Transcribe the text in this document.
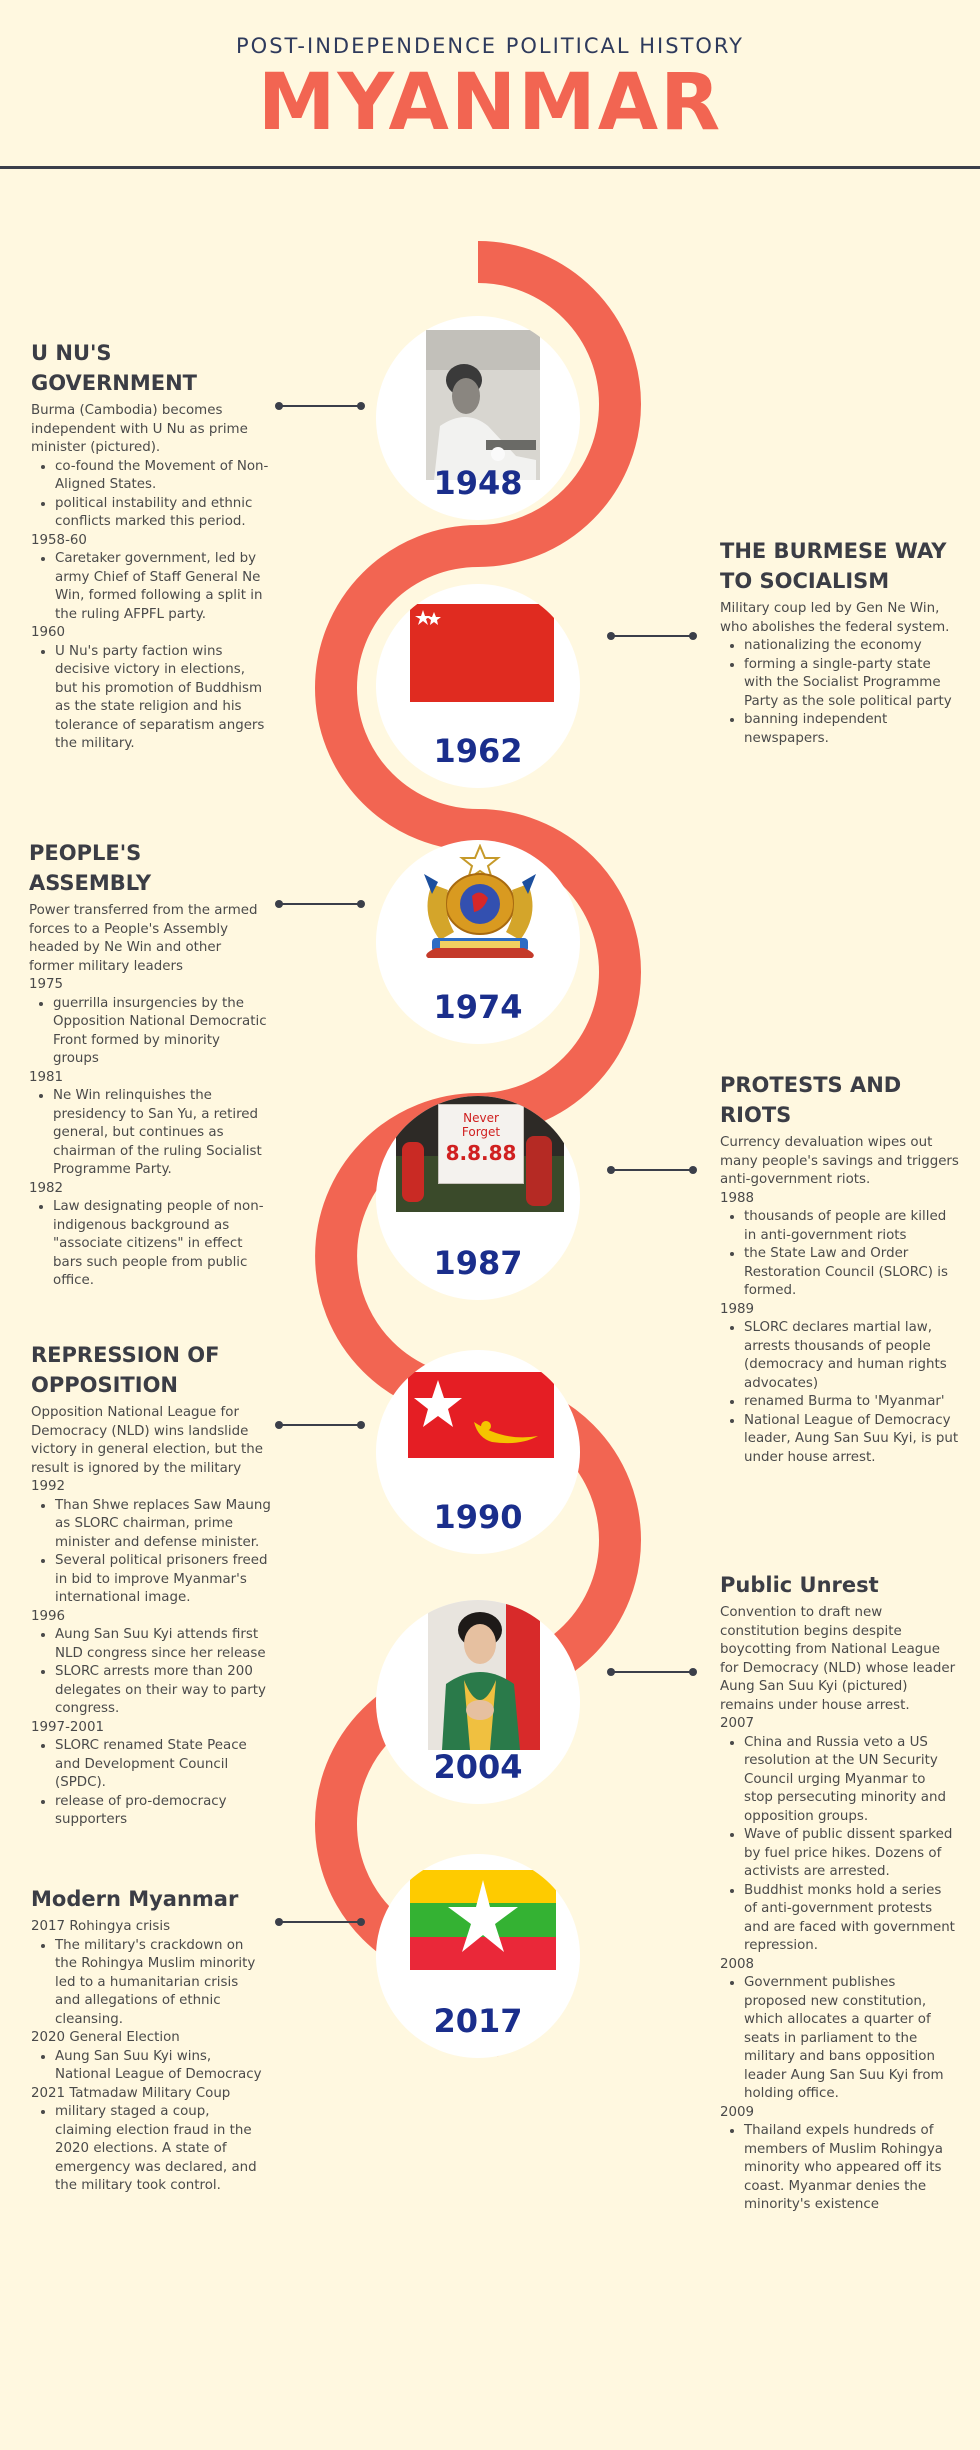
POST-INDEPENDENCE POLITICAL HISTORY
MYANMAR
1948
1962
1974
Never
Forget
8.8.88
1987
1990
2004
2017
U NU'S GOVERNMENT

Burma (Cambodia) becomes independent with U Nu as prime minister (pictured).

• co-found the Movement of Non-Aligned States.
• political instability and ethnic conflicts marked this period.

1958-60

• Caretaker government, led by army Chief of Staff General Ne Win, formed following a split in the ruling AFPFL party.

1960

• U Nu's party faction wins decisive victory in elections, but his promotion of Buddhism as the state religion and his tolerance of separatism angers the military.
THE BURMESE WAY TO SOCIALISM

Military coup led by Gen Ne Win, who abolishes the federal system.

• nationalizing the economy
• forming a single-party state with the Socialist Programme Party as the sole political party
• banning independent newspapers.
PEOPLE'S ASSEMBLY

Power transferred from the armed forces to a People's Assembly headed by Ne Win and other former military leaders

1975

• guerrilla insurgencies by the Opposition National Democratic Front formed by minority groups

1981

• Ne Win relinquishes the presidency to San Yu, a retired general, but continues as chairman of the ruling Socialist Programme Party.

1982

• Law designating people of non-indigenous background as "associate citizens" in effect bars such people from public office.
PROTESTS AND RIOTS

Currency devaluation wipes out many people's savings and triggers anti-government riots.

1988

• thousands of people are killed in anti-government riots
• the State Law and Order Restoration Council (SLORC) is formed.

1989

• SLORC declares martial law, arrests thousands of people (democracy and human rights advocates)
• renamed Burma to 'Myanmar'
• National League of Democracy leader, Aung San Suu Kyi, is put under house arrest.
REPRESSION OF OPPOSITION

Opposition National League for Democracy (NLD) wins landslide victory in general election, but the result is ignored by the military

1992

• Than Shwe replaces Saw Maung as SLORC chairman, prime minister and defense minister.
• Several political prisoners freed in bid to improve Myanmar's international image.

1996

• Aung San Suu Kyi attends first NLD congress since her release
• SLORC arrests more than 200 delegates on their way to party congress.

1997-2001

• SLORC renamed State Peace and Development Council (SPDC).
• release of pro-democracy supporters
Public Unrest

Convention to draft new constitution begins despite boycotting from National League for Democracy (NLD) whose leader Aung San Suu Kyi (pictured) remains under house arrest.

2007

• China and Russia veto a US resolution at the UN Security Council urging Myanmar to stop persecuting minority and opposition groups.
• Wave of public dissent sparked by fuel price hikes. Dozens of activists are arrested.
• Buddhist monks hold a series of anti-government protests and are faced with government repression.

2008

• Government publishes proposed new constitution, which allocates a quarter of seats in parliament to the military and bans opposition leader Aung San Suu Kyi from holding office.

2009

• Thailand expels hundreds of members of Muslim Rohingya minority who appeared off its coast. Myanmar denies the minority's existence
Modern Myanmar

2017 Rohingya crisis

• The military's crackdown on the Rohingya Muslim minority led to a humanitarian crisis and allegations of ethnic cleansing.

2020 General Election

• Aung San Suu Kyi wins, National League of Democracy

2021 Tatmadaw Military Coup

• military staged a coup, claiming election fraud in the 2020 elections. A state of emergency was declared, and the military took control.
